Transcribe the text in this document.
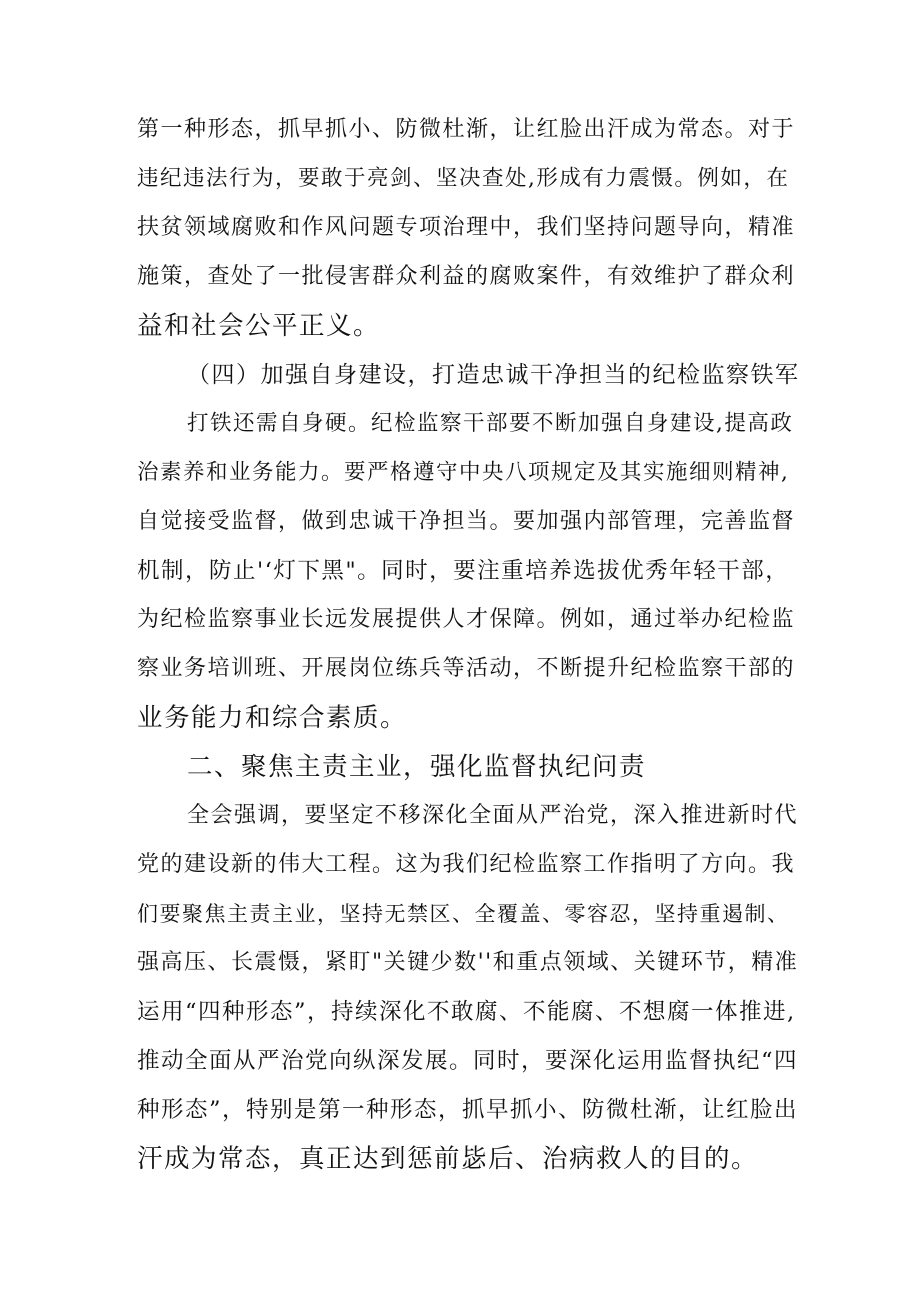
第一种形态，抓早抓小、防微杜渐，让红脸出汗成为常态。对于
违纪违法行为，要敢于亮剑、坚决查处,形成有力震慑。例如，在
扶贫领域腐败和作风问题专项治理中，我们坚持问题导向，精准
施策，查处了一批侵害群众利益的腐败案件，有效维护了群众利
益和社会公平正义。
（四）加强自身建设，打造忠诚干净担当的纪检监察铁军
打铁还需自身硬。纪检监察干部要不断加强自身建设,提高政
治素养和业务能力。要严格遵守中央八项规定及其实施细则精神,
自觉接受监督，做到忠诚干净担当。要加强内部管理，完善监督
机制，防止'‘灯下黑"。同时，要注重培养选拔优秀年轻干部，
为纪检监察事业长远发展提供人才保障。例如，通过举办纪检监
察业务培训班、开展岗位练兵等活动，不断提升纪检监察干部的
业务能力和综合素质。
二、聚焦主责主业，强化监督执纪问责
全会强调，要坚定不移深化全面从严治党，深入推进新时代
党的建设新的伟大工程。这为我们纪检监察工作指明了方向。我
们要聚焦主责主业，坚持无禁区、全覆盖、零容忍，坚持重遏制、
强高压、长震慑，紧盯"关键少数''和重点领域、关键环节，精准
运用“四种形态”，持续深化不敢腐、不能腐、不想腐一体推进,
推动全面从严治党向纵深发展。同时，要深化运用监督执纪“四
种形态”，特别是第一种形态，抓早抓小、防微杜渐，让红脸出
汗成为常态，真正达到惩前毖后、治病救人的目的。
